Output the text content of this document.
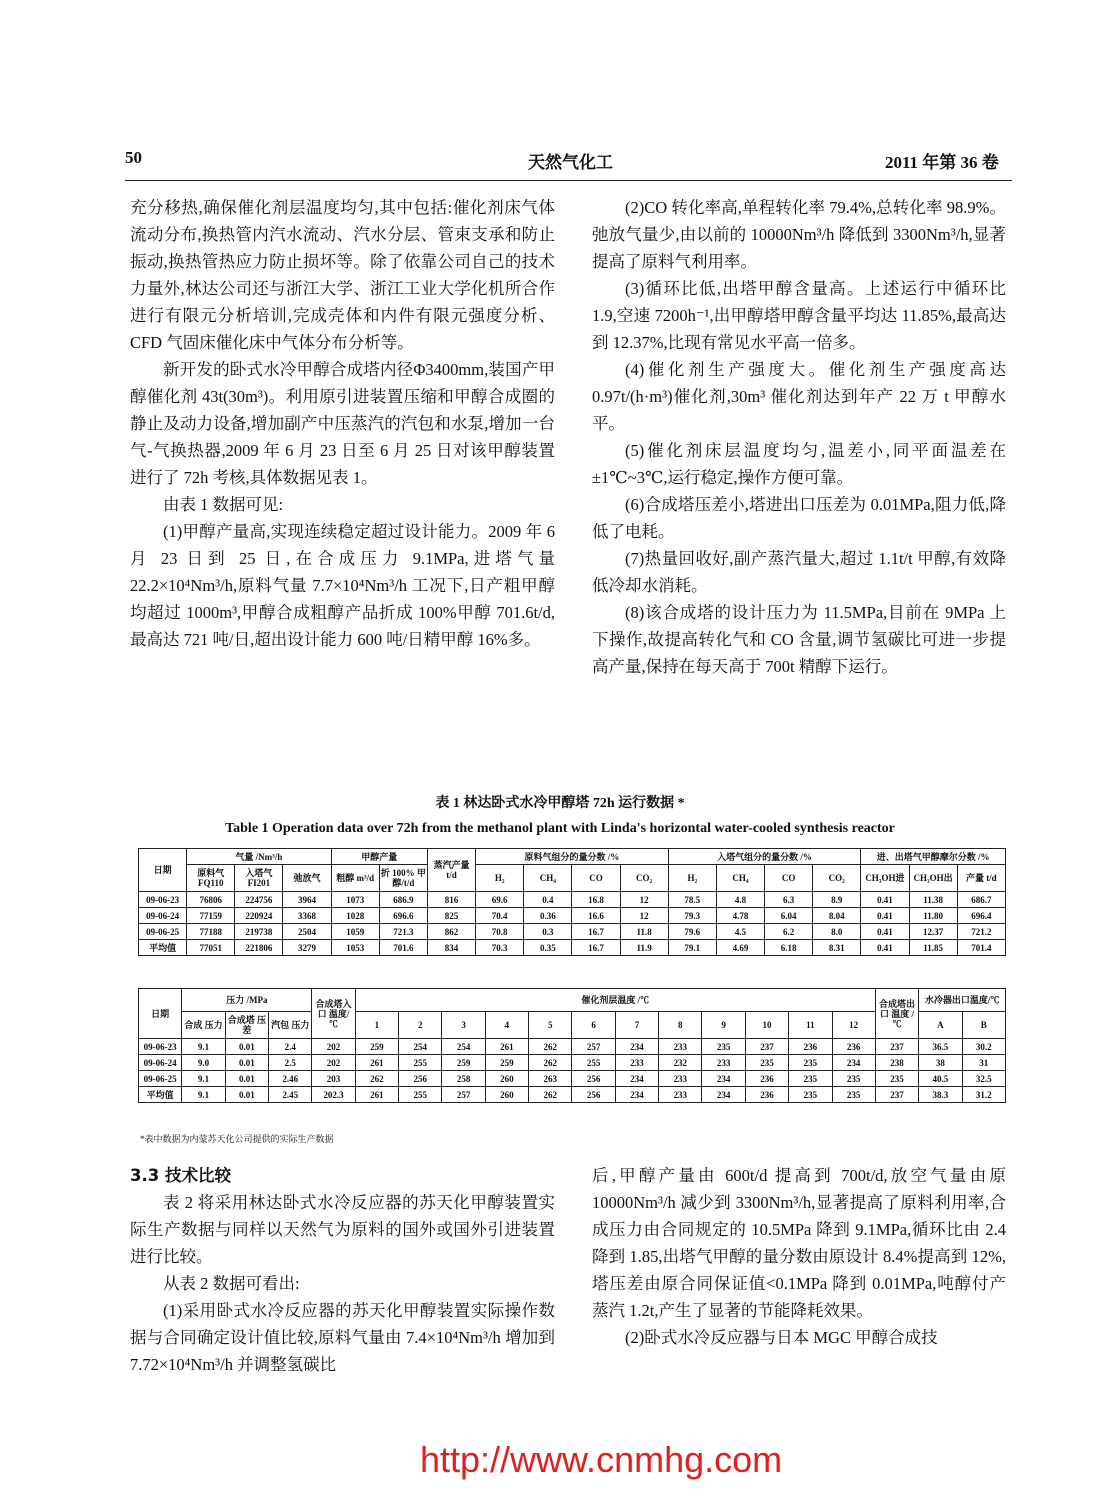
50	天然气化工	2011 年第 36 卷

充分移热,确保催化剂层温度均匀,其中包括:催化剂床气体流动分布,换热管内汽水流动、汽水分层、管束支承和防止振动,换热管热应力防止损坏等。除了依靠公司自己的技术力量外,林达公司还与浙江大学、浙江工业大学化机所合作进行有限元分析培训,完成壳体和内件有限元强度分析、CFD 气固床催化床中气体分布分析等。

新开发的卧式水冷甲醇合成塔内径Φ3400mm,装国产甲醇催化剂 43t(30m³)。利用原引进装置压缩和甲醇合成圈的静止及动力设备,增加副产中压蒸汽的汽包和水泵,增加一台气-气换热器,2009 年 6 月 23 日至 6 月 25 日对该甲醇装置进行了 72h 考核,具体数据见表 1。

由表 1 数据可见:

(1)甲醇产量高,实现连续稳定超过设计能力。2009 年 6 月 23 日到 25 日,在合成压力 9.1MPa,进塔气量 22.2×10⁴Nm³/h,原料气量 7.7×10⁴Nm³/h 工况下,日产粗甲醇均超过 1000m³,甲醇合成粗醇产品折成 100%甲醇 701.6t/d,最高达 721 吨/日,超出设计能力 600 吨/日精甲醇 16%多。

(2)CO 转化率高,单程转化率 79.4%,总转化率 98.9%。弛放气量少,由以前的 10000Nm³/h 降低到 3300Nm³/h,显著提高了原料气利用率。

(3)循环比低,出塔甲醇含量高。上述运行中循环比 1.9,空速 7200h⁻¹,出甲醇塔甲醇含量平均达 11.85%,最高达到 12.37%,比现有常见水平高一倍多。

(4)催化剂生产强度大。催化剂生产强度高达 0.97t/(h·m³)催化剂,30m³ 催化剂达到年产 22 万 t 甲醇水平。

(5)催化剂床层温度均匀,温差小,同平面温差在±1℃~3℃,运行稳定,操作方便可靠。

(6)合成塔压差小,塔进出口压差为 0.01MPa,阻力低,降低了电耗。

(7)热量回收好,副产蒸汽量大,超过 1.1t/t 甲醇,有效降低冷却水消耗。

(8)该合成塔的设计压力为 11.5MPa,目前在 9MPa 上下操作,故提高转化气和 CO 含量,调节氢碳比可进一步提高产量,保持在每天高于 700t 精醇下运行。

表 1 林达卧式水冷甲醇塔 72h 运行数据 *
Table 1 Operation data over 72h from the methanol plant with Linda's horizontal water-cooled synthesis reactor
日期	气量 /Nm³/h			甲醇产量		蒸汽产量 t/d	原料气组分的量分数 /%				入塔气组分的量分数 /%				进、出塔气甲醇摩尔分数 /%		
	原料气 FQ110	入塔气 FI201	弛放气	粗醇 m³/d	折 100% 甲醇/t/d		H₂	CH₄	CO	CO₂	H₂	CH₄	CO	CO₂	CH₃OH进	CH₃OH出	产量 t/d
09-06-23	76806	224756	3964	1073	686.9	816	69.6	0.4	16.8	12	78.5	4.8	6.3	8.9	0.41	11.38	686.7
09-06-24	77159	220924	3368	1028	696.6	825	70.4	0.36	16.6	12	79.3	4.78	6.04	8.04	0.41	11.80	696.4
09-06-25	77188	219738	2504	1059	721.3	862	70.8	0.3	16.7	11.8	79.6	4.5	6.2	8.0	0.41	12.37	721.2
平均值	77051	221806	3279	1053	701.6	834	70.3	0.35	16.7	11.9	79.1	4.69	6.18	8.31	0.41	11.85	701.4
日期	压力 /MPa			合成塔入口 温度/℃	催化剂层温度 /℃												合成塔出口 温度 /℃	水冷器出口温度/℃	
	合成 压力	合成塔 压差	汽包 压力		1	2	3	4	5	6	7	8	9	10	11	12		A	B
09-06-23	9.1	0.01	2.4	202	259	254	254	261	262	257	234	233	235	237	236	236	237	36.5	30.2
09-06-24	9.0	0.01	2.5	202	261	255	259	259	262	255	233	232	233	235	235	234	238	38	31
09-06-25	9.1	0.01	2.46	203	262	256	258	260	263	256	234	233	234	236	235	235	235	40.5	32.5
平均值	9.1	0.01	2.45	202.3	261	255	257	260	262	256	234	233	234	236	235	235	237	38.3	31.2
*表中数据为内蒙苏天化公司提供的实际生产数据

3.3 技术比较

表 2 将采用林达卧式水冷反应器的苏天化甲醇装置实际生产数据与同样以天然气为原料的国外或国外引进装置进行比较。

从表 2 数据可看出:

(1)采用卧式水冷反应器的苏天化甲醇装置实际操作数据与合同确定设计值比较,原料气量由 7.4×10⁴Nm³/h 增加到 7.72×10⁴Nm³/h 并调整氢碳比

后,甲醇产量由 600t/d 提高到 700t/d,放空气量由原 10000Nm³/h 减少到 3300Nm³/h,显著提高了原料利用率,合成压力由合同规定的 10.5MPa 降到 9.1MPa,循环比由 2.4 降到 1.85,出塔气甲醇的量分数由原设计 8.4%提高到 12%,塔压差由原合同保证值<0.1MPa 降到 0.01MPa,吨醇付产蒸汽 1.2t,产生了显著的节能降耗效果。

(2)卧式水冷反应器与日本 MGC 甲醇合成技

http://www.cnmhg.com
